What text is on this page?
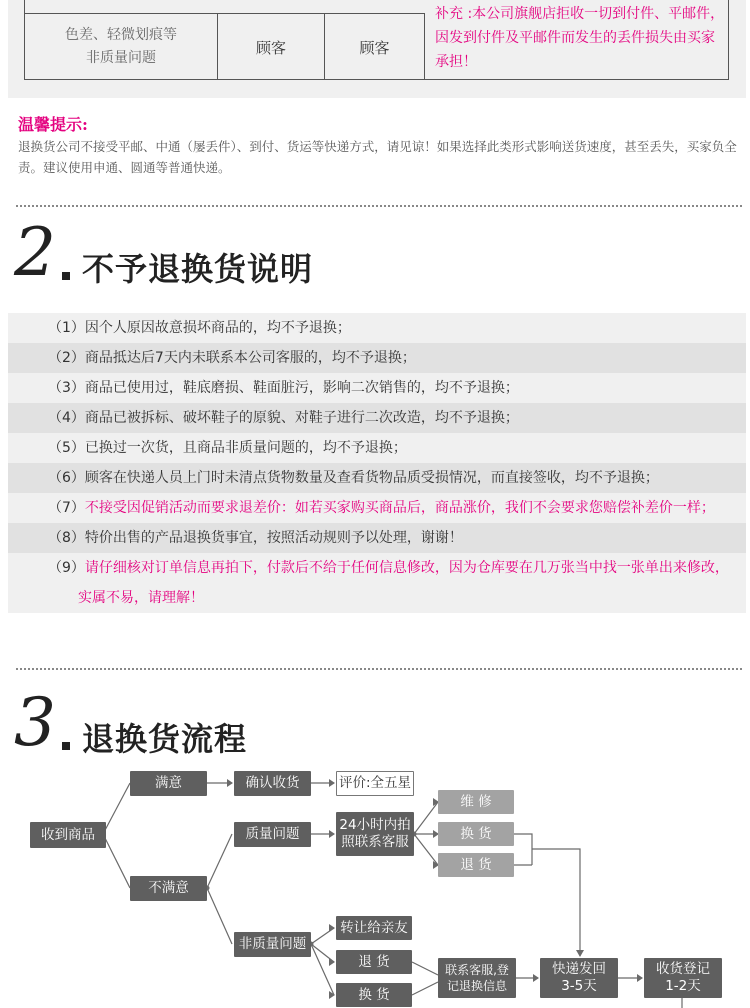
色差、轻微划痕等
非质量问题
顾客	顾客
补充 :本公司旗舰店拒收一切到付件、平邮件，因发到付件及平邮件而发生的丢件损失由买家承担！
温馨提示:
退换货公司不接受平邮、中通（屡丢件）、到付、货运等快递方式，请见谅！如果选择此类形式影响送货速度，甚至丢失，买家负全责。建议使用申通、圆通等普通快递。
2 不予退换货说明
（1）因个人原因故意损坏商品的，均不予退换；
（2）商品抵达后7天内未联系本公司客服的，均不予退换；
（3）商品已使用过，鞋底磨损、鞋面脏污，影响二次销售的，均不予退换；
（4）商品已被拆标、破坏鞋子的原貌、对鞋子进行二次改造，均不予退换；
（5）已换过一次货，且商品非质量问题的，均不予退换；
（6）顾客在快递人员上门时未清点货物数量及查看货物品质受损情况，而直接签收，均不予退换；
（7）不接受因促销活动而要求退差价：如若买家购买商品后，商品涨价，我们不会要求您赔偿补差价一样；
（8）特价出售的产品退换货事宜，按照活动规则予以处理，谢谢！
（9）请仔细核对订单信息再拍下，付款后不给于任何信息修改，因为仓库要在几万张当中找一张单出来修改，
实属不易，请理解！
3 退换货流程
收到商品
满意	确认收货	评价:全五星
不满意
质量问题
24小时内拍
照联系客服
维 修
换 货
退 货
非质量问题
转让给亲友
退 货
换 货
联系客服,登
记退换信息
快递发回
3-5天
收货登记
1-2天
